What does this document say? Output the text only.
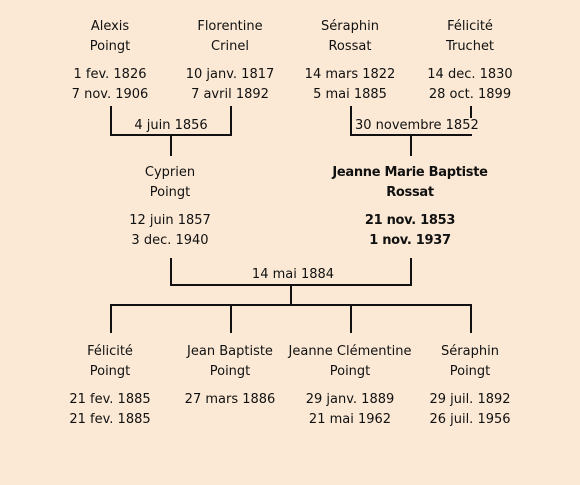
Alexis
Poingt
1 fev. 1826
7 nov. 1906
Florentine
Crinel
10 janv. 1817
7 avril 1892
Séraphin
Rossat
14 mars 1822
5 mai 1885
Félicité
Truchet
14 dec. 1830
28 oct. 1899
4 juin 1856	30 novembre 1852
Cyprien
Poingt
12 juin 1857
3 dec. 1940
Jeanne Marie Baptiste
Rossat
21 nov. 1853
1 nov. 1937
14 mai 1884
Félicité
Poingt
21 fev. 1885
21 fev. 1885
Jean Baptiste
Poingt
27 mars 1886
Jeanne Clémentine
Poingt
29 janv. 1889
21 mai 1962
Séraphin
Poingt
29 juil. 1892
26 juil. 1956
